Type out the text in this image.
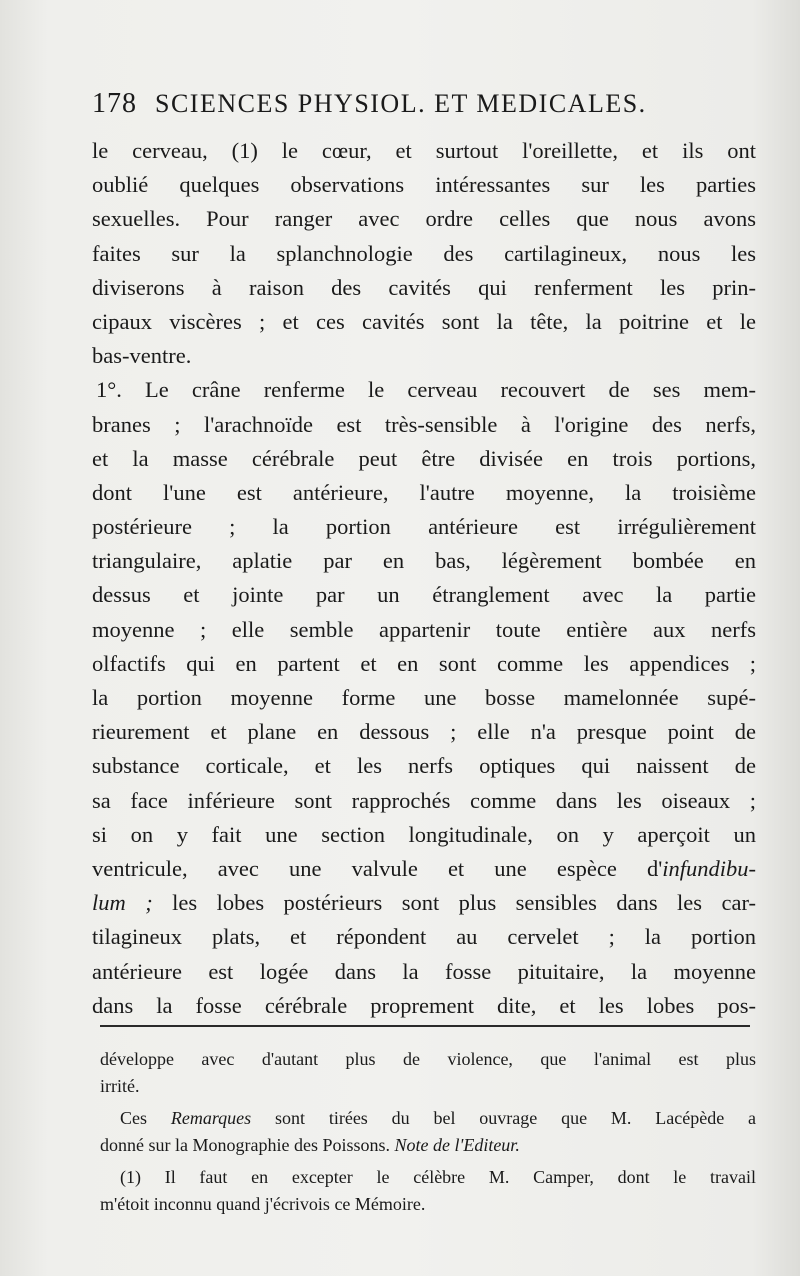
178 SCIENCES PHYSIOL. ET MEDICALES.
le cerveau, (1) le cœur, et surtout l'oreillette, et ils ont
oublié quelques observations intéressantes sur les parties
sexuelles. Pour ranger avec ordre celles que nous avons
faites sur la splanchnologie des cartilagineux, nous les
diviserons à raison des cavités qui renferment les prin-
cipaux viscères ; et ces cavités sont la tête, la poitrine et le
bas-ventre.
1°. Le crâne renferme le cerveau recouvert de ses mem-
branes ; l'arachnoïde est très-sensible à l'origine des nerfs,
et la masse cérébrale peut être divisée en trois portions,
dont l'une est antérieure, l'autre moyenne, la troisième
postérieure ; la portion antérieure est irrégulièrement
triangulaire, aplatie par en bas, légèrement bombée en
dessus et jointe par un étranglement avec la partie
moyenne ; elle semble appartenir toute entière aux nerfs
olfactifs qui en partent et en sont comme les appendices ;
la portion moyenne forme une bosse mamelonnée supé-
rieurement et plane en dessous ; elle n'a presque point de
substance corticale, et les nerfs optiques qui naissent de
sa face inférieure sont rapprochés comme dans les oiseaux ;
si on y fait une section longitudinale, on y aperçoit un
ventricule, avec une valvule et une espèce d'infundibu-
lum ; les lobes postérieurs sont plus sensibles dans les car-
tilagineux plats, et répondent au cervelet ; la portion
antérieure est logée dans la fosse pituitaire, la moyenne
dans la fosse cérébrale proprement dite, et les lobes pos-
développe avec d'autant plus de violence, que l'animal est plus
irrité.
Ces Remarques sont tirées du bel ouvrage que M. Lacépède a
donné sur la Monographie des Poissons. Note de l'Editeur.
(1) Il faut en excepter le célèbre M. Camper, dont le travail
m'étoit inconnu quand j'écrivois ce Mémoire.
